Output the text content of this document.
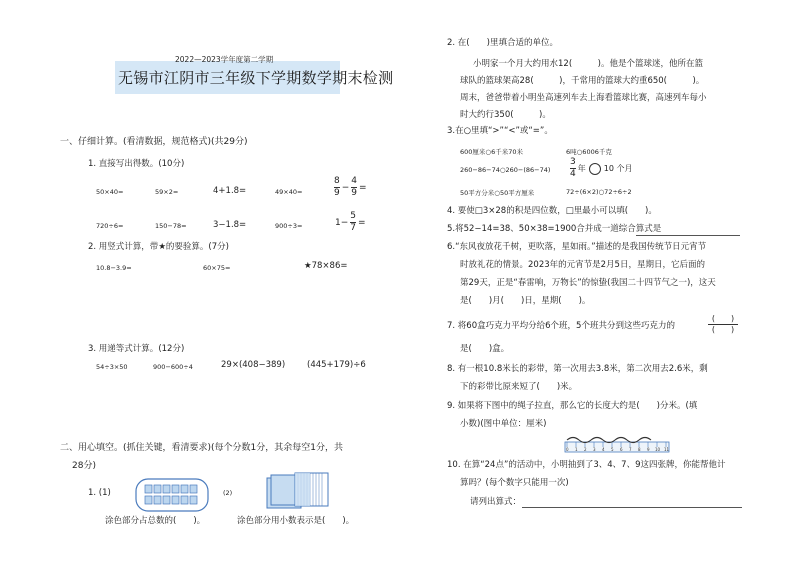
2022—2023学年度第二学期
无锡市江阴市三年级下学期数学期末检测
一、仔细计算。(看清数据，规范格式)(共29分)
1. 直接写出得数。(10分)
50×40=	59×2=	4+1.8=	49×40=	$\frac{8}{9} - \frac{4}{9}$ =
720÷6=	150−78=	3−1.8=	900÷3=	$1- \frac{5}{7}$ =
2. 用竖式计算，带★的要验算。(7分)
10.8−3.9=	60×75=	★78×86=
3. 用递等式计算。(12分)
54÷3×50	900−600÷4	29×(408−389)	(445+179)÷6
二、用心填空。(抓住关键，看清要求)(每个分数1分，其余每空1分，共
28分)
1. (1)	(2)
涂色部分占总数的(　　)。	涂色部分用小数表示是(　　)。
2. 在(　　)里填合适的单位。
小明家一个月大约用水12(　　　)。他是个篮球迷，他所在篮
球队的篮球架高28(　　　)，千常用的篮球大约重650(　　　)。
周末，爸爸带着小明坐高速列车去上海看篮球比赛，高速列车每小
时大约行350(　　　)。
3.在○里填“>”“<”或“=”。
600厘米○6千米70米	6吨○6006千克
260−86−74○260−(86−74) $\frac{3}{4}$ 年 10 个月
50平方分米○50平方厘米	72÷(6×2)○72÷6÷2
4. 要使□3×28的积是四位数，□里最小可以填(　　)。
5.将52−14=38、50×38=1900合并成一道综合算式是
6.“东风夜放花千树，更吹落，星如雨。”描述的是我国传统节日元宵节
时放礼花的情景。2023年的元宵节是2月5日，星期日，它后面的
第29天，正是“春雷响，万物长”的惊蛰(我国二十四节气之一)，这天
是(　　)月(　　)日，星期(　　)。
7. 将60盒巧克力平均分给6个班，5个班共分到这些巧克力的
(　　)
(　　)
是(　　)盒。
8. 有一根10.8米长的彩带，第一次用去3.8米，第二次用去2.6米，剩
下的彩带比原来短了(　　)米。
9. 如果将下图中的绳子拉直，那么它的长度大约是(　　)分米。(填
小数)(图中单位：厘米)
0 1 2 3 4 5 6 7 8 9 10 11
10. 在算“24点”的活动中，小明抽到了3、4、7、9这四张牌，你能帮他计
算吗？(每个数字只能用一次)
请列出算式：
